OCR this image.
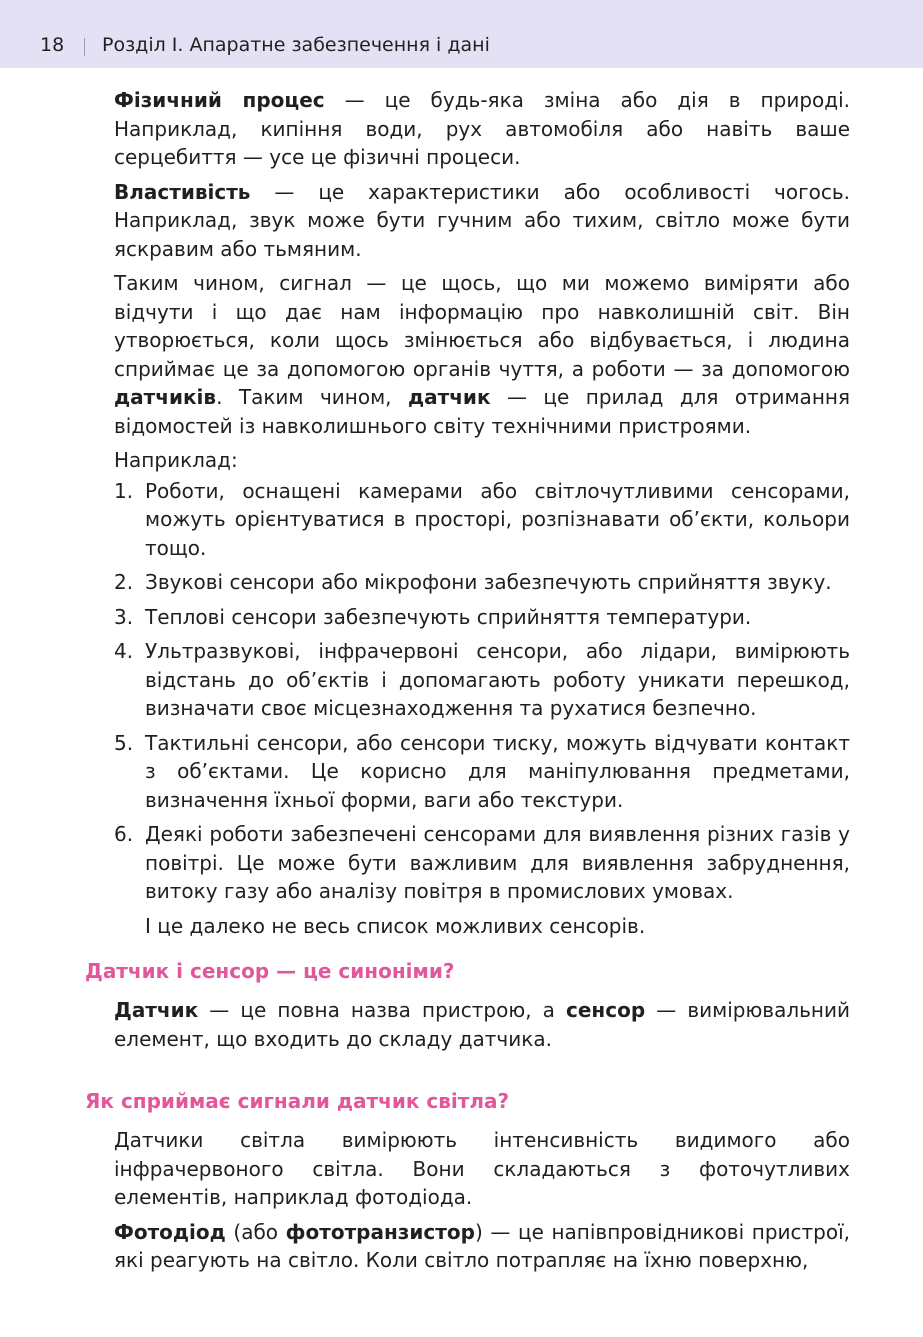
18 Розділ І. Апаратне забезпечення і дані

Фізичний процес — це будь-яка зміна або дія в природі. Наприклад, кипіння води, рух автомобіля або навіть ваше серцебиття — усе це фізичні процеси.

Властивість — це характеристики або особливості чогось. Наприклад, звук може бути гучним або тихим, світло може бути яскравим або тьмяним.

Таким чином, сигнал — це щось, що ми можемо виміряти або відчути і що дає нам інформацію про навколишній світ. Він утворюється, коли щось змінюється або відбувається, і людина сприймає це за допомогою органів чуття, а роботи — за допомогою датчиків. Таким чином, датчик — це прилад для отримання відомостей із навколишнього світу технічними пристроями.

Наприклад:

1. Роботи, оснащені камерами або світлочутливими сенсорами, можуть орієнтуватися в просторі, розпізнавати об’єкти, кольори тощо.

2. Звукові сенсори або мікрофони забезпечують сприйняття звуку.

3. Теплові сенсори забезпечують сприйняття температури.

4. Ультразвукові, інфрачервоні сенсори, або лідари, вимірюють відстань до об’єктів і допомагають роботу уникати перешкод, визначати своє місцезнаходження та рухатися безпечно.

5. Тактильні сенсори, або сенсори тиску, можуть відчувати контакт з об’єктами. Це корисно для маніпулювання предметами, визначення їхньої форми, ваги або текстури.

6. Деякі роботи забезпечені сенсорами для виявлення різних газів у повітрі. Це може бути важливим для виявлення забруднення, витоку газу або аналізу повітря в промислових умовах.

І це далеко не весь список можливих сенсорів.

Датчик і сенсор — це синоніми?

Датчик — це повна назва пристрою, а сенсор — вимірювальний елемент, що входить до складу датчика.

Як сприймає сигнали датчик світла?

Датчики світла вимірюють інтенсивність видимого або інфрачервоного світла. Вони складаються з фоточутливих елементів, наприклад фотодіода.

Фотодіод (або фототранзистор) — це напівпровідникові пристрої, які реагують на світло. Коли світло потрапляє на їхню поверхню,
